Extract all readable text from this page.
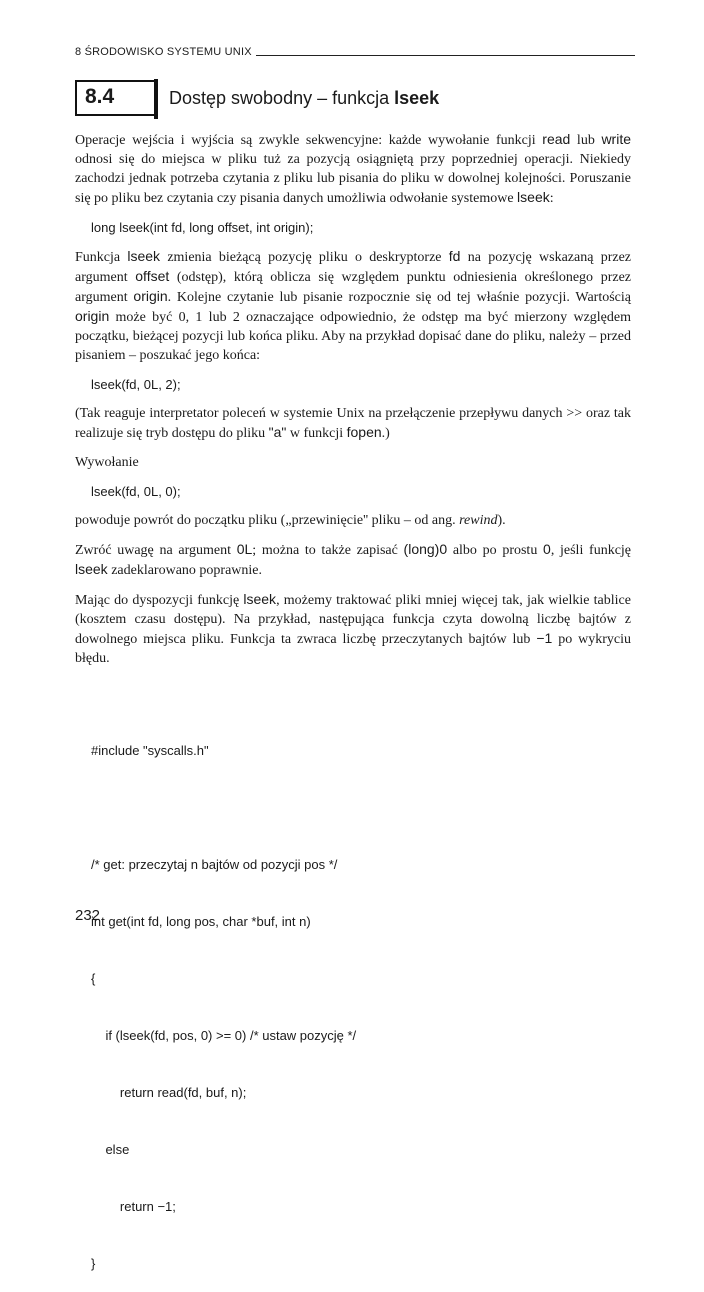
8 ŚRODOWISKO SYSTEMU UNIX
8.4	Dostęp swobodny – funkcja lseek

Operacje wejścia i wyjścia są zwykle sekwencyjne: każde wywołanie funkcji read lub write odnosi się do miejsca w pliku tuż za pozycją osiągniętą przy poprzedniej operacji. Niekiedy zachodzi jednak potrzeba czytania z pliku lub pisania do pliku w dowolnej kolejności. Poruszanie się po pliku bez czytania czy pisania danych umożliwia odwołanie systemowe lseek:

long lseek(int fd, long offset, int origin);

Funkcja lseek zmienia bieżącą pozycję pliku o deskryptorze fd na pozycję wskazaną przez argument offset (odstęp), którą oblicza się względem punktu odniesienia określonego przez argument origin. Kolejne czytanie lub pisanie rozpocznie się od tej właśnie pozycji. Wartością origin może być 0, 1 lub 2 oznaczające odpowiednio, że odstęp ma być mierzony względem początku, bieżącej pozycji lub końca pliku. Aby na przykład dopisać dane do pliku, należy – przed pisaniem – poszukać jego końca:

lseek(fd, 0L, 2);

(Tak reaguje interpretator poleceń w systemie Unix na przełączenie przepływu danych >> oraz tak realizuje się tryb dostępu do pliku "a" w funkcji fopen.)

Wywołanie

lseek(fd, 0L, 0);

powoduje powrót do początku pliku („przewinięcie'' pliku – od ang. rewind).

Zwróć uwagę na argument 0L; można to także zapisać (long)0 albo po prostu 0, jeśli funkcję lseek zadeklarowano poprawnie.

Mając do dyspozycji funkcję lseek, możemy traktować pliki mniej więcej tak, jak wielkie tablice (kosztem czasu dostępu). Na przykład, następująca funkcja czyta dowolną liczbę bajtów z dowolnego miejsca pliku. Funkcja ta zwraca liczbę przeczytanych bajtów lub −1 po wykryciu błędu.

#include "syscalls.h"

/* get: przeczytaj n bajtów od pozycji pos */

int get(int fd, long pos, char *buf, int n)

{

if (lseek(fd, pos, 0) >= 0) /* ustaw pozycję */

return read(fd, buf, n);

else

return −1;

}

232
